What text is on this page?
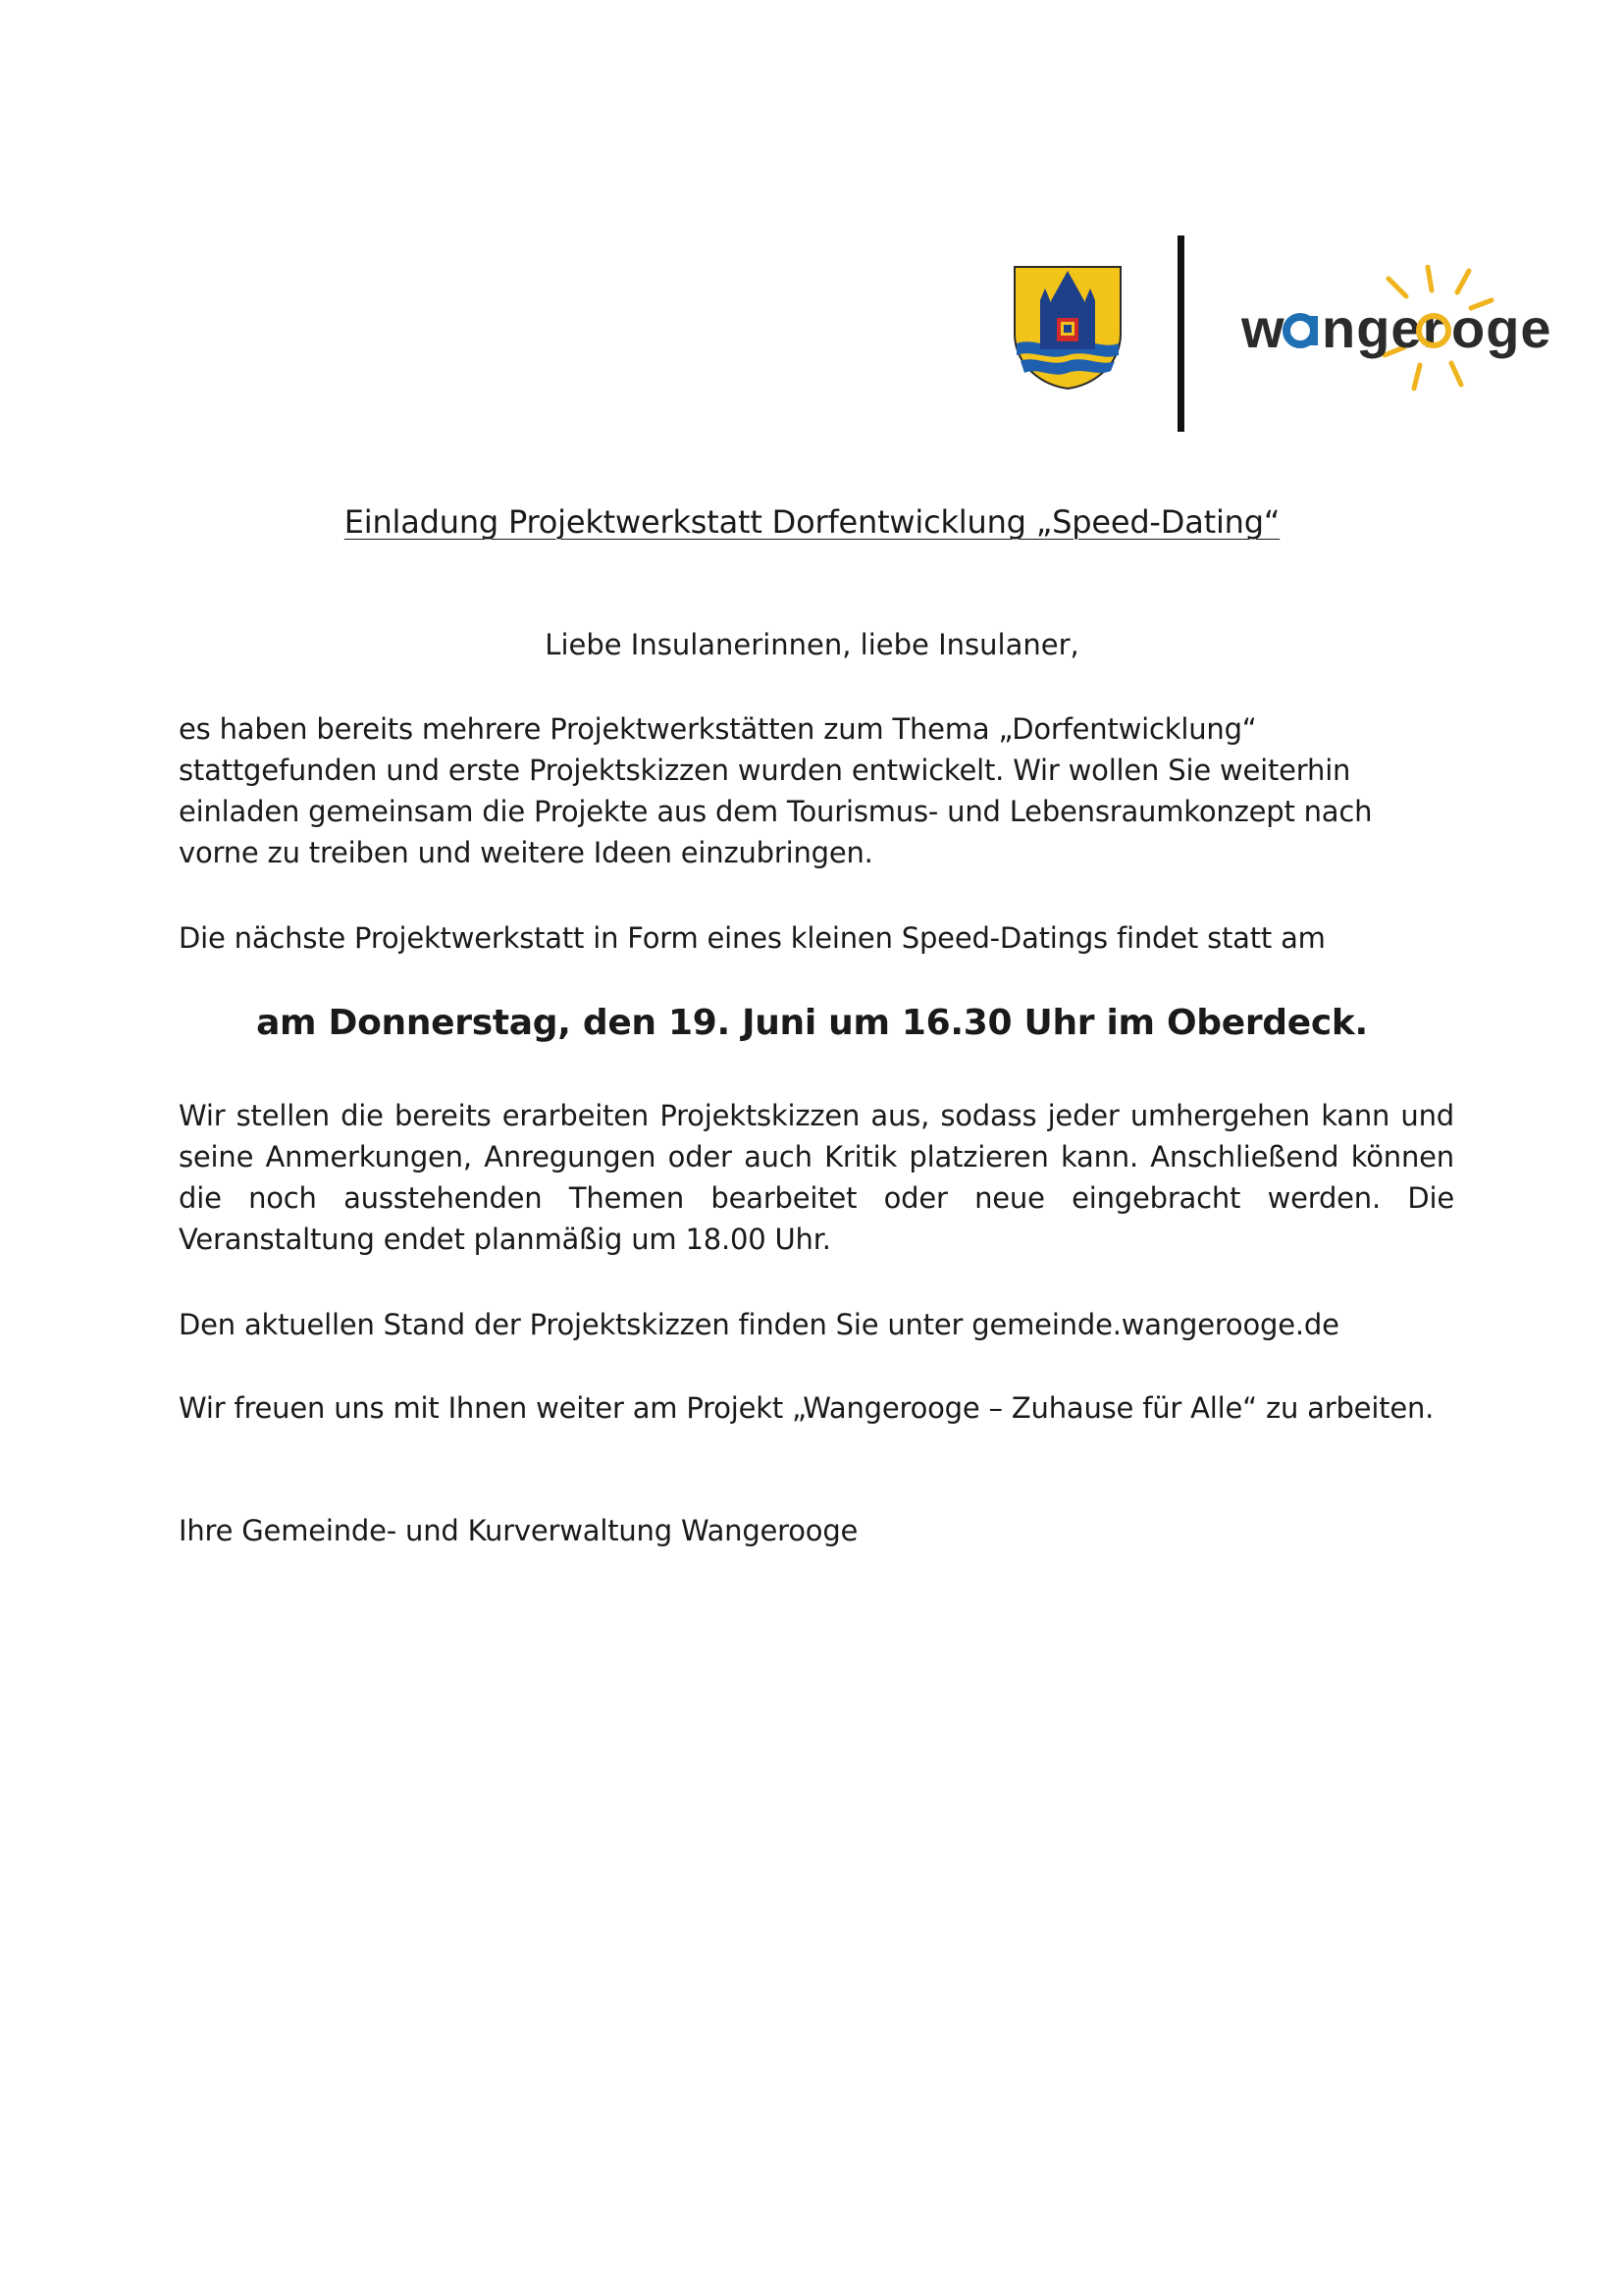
w nger oge
Einladung Projektwerkstatt Dorfentwicklung „Speed-Dating“
Liebe Insulanerinnen, liebe Insulaner,
es haben bereits mehrere Projektwerkstätten zum Thema „Dorfentwicklung“ stattgefunden und erste Projektskizzen wurden entwickelt. Wir wollen Sie weiterhin einladen gemeinsam die Projekte aus dem Tourismus- und Lebensraumkonzept nach vorne zu treiben und weitere Ideen einzubringen.
Die nächste Projektwerkstatt in Form eines kleinen Speed-Datings findet statt am
am Donnerstag, den 19. Juni um 16.30 Uhr im Oberdeck.
Wir stellen die bereits erarbeiten Projektskizzen aus, sodass jeder umhergehen kann und seine Anmerkungen, Anregungen oder auch Kritik platzieren kann. Anschließend können die noch ausstehenden Themen bearbeitet oder neue eingebracht werden. Die Veranstaltung endet planmäßig um 18.00 Uhr.
Den aktuellen Stand der Projektskizzen finden Sie unter gemeinde.wangerooge.de
Wir freuen uns mit Ihnen weiter am Projekt „Wangerooge – Zuhause für Alle“ zu arbeiten.
Ihre Gemeinde- und Kurverwaltung Wangerooge
